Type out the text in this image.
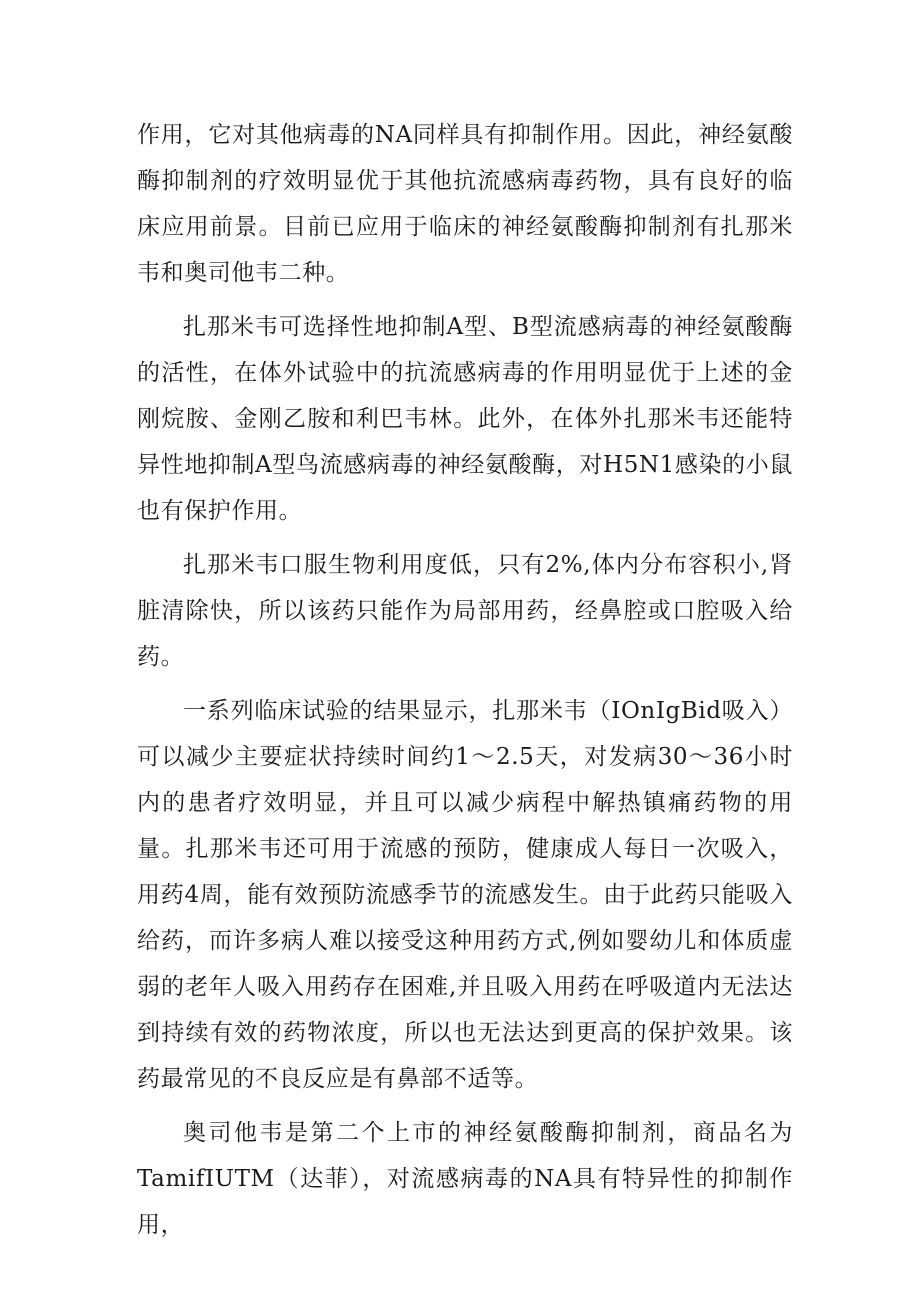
作用，它对其他病毒的NA同样具有抑制作用。因此，神经氨酸酶抑制剂的疗效明显优于其他抗流感病毒药物，具有良好的临床应用前景。目前已应用于临床的神经氨酸酶抑制剂有扎那米韦和奥司他韦二种。

扎那米韦可选择性地抑制A型、B型流感病毒的神经氨酸酶的活性，在体外试验中的抗流感病毒的作用明显优于上述的金刚烷胺、金刚乙胺和利巴韦林。此外，在体外扎那米韦还能特异性地抑制A型鸟流感病毒的神经氨酸酶，对H5N1感染的小鼠也有保护作用。

扎那米韦口服生物利用度低，只有2%,体内分布容积小,肾脏清除快，所以该药只能作为局部用药，经鼻腔或口腔吸入给药。

一系列临床试验的结果显示，扎那米韦（IOnIgBid吸入）可以减少主要症状持续时间约1～2.5天，对发病30～36小时内的患者疗效明显，并且可以减少病程中解热镇痛药物的用量。扎那米韦还可用于流感的预防，健康成人每日一次吸入，用药4周，能有效预防流感季节的流感发生。由于此药只能吸入给药，而许多病人难以接受这种用药方式,例如婴幼儿和体质虚弱的老年人吸入用药存在困难,并且吸入用药在呼吸道内无法达到持续有效的药物浓度，所以也无法达到更高的保护效果。该药最常见的不良反应是有鼻部不适等。

奥司他韦是第二个上市的神经氨酸酶抑制剂，商品名为TamifIUTM（达菲），对流感病毒的NA具有特异性的抑制作用，
